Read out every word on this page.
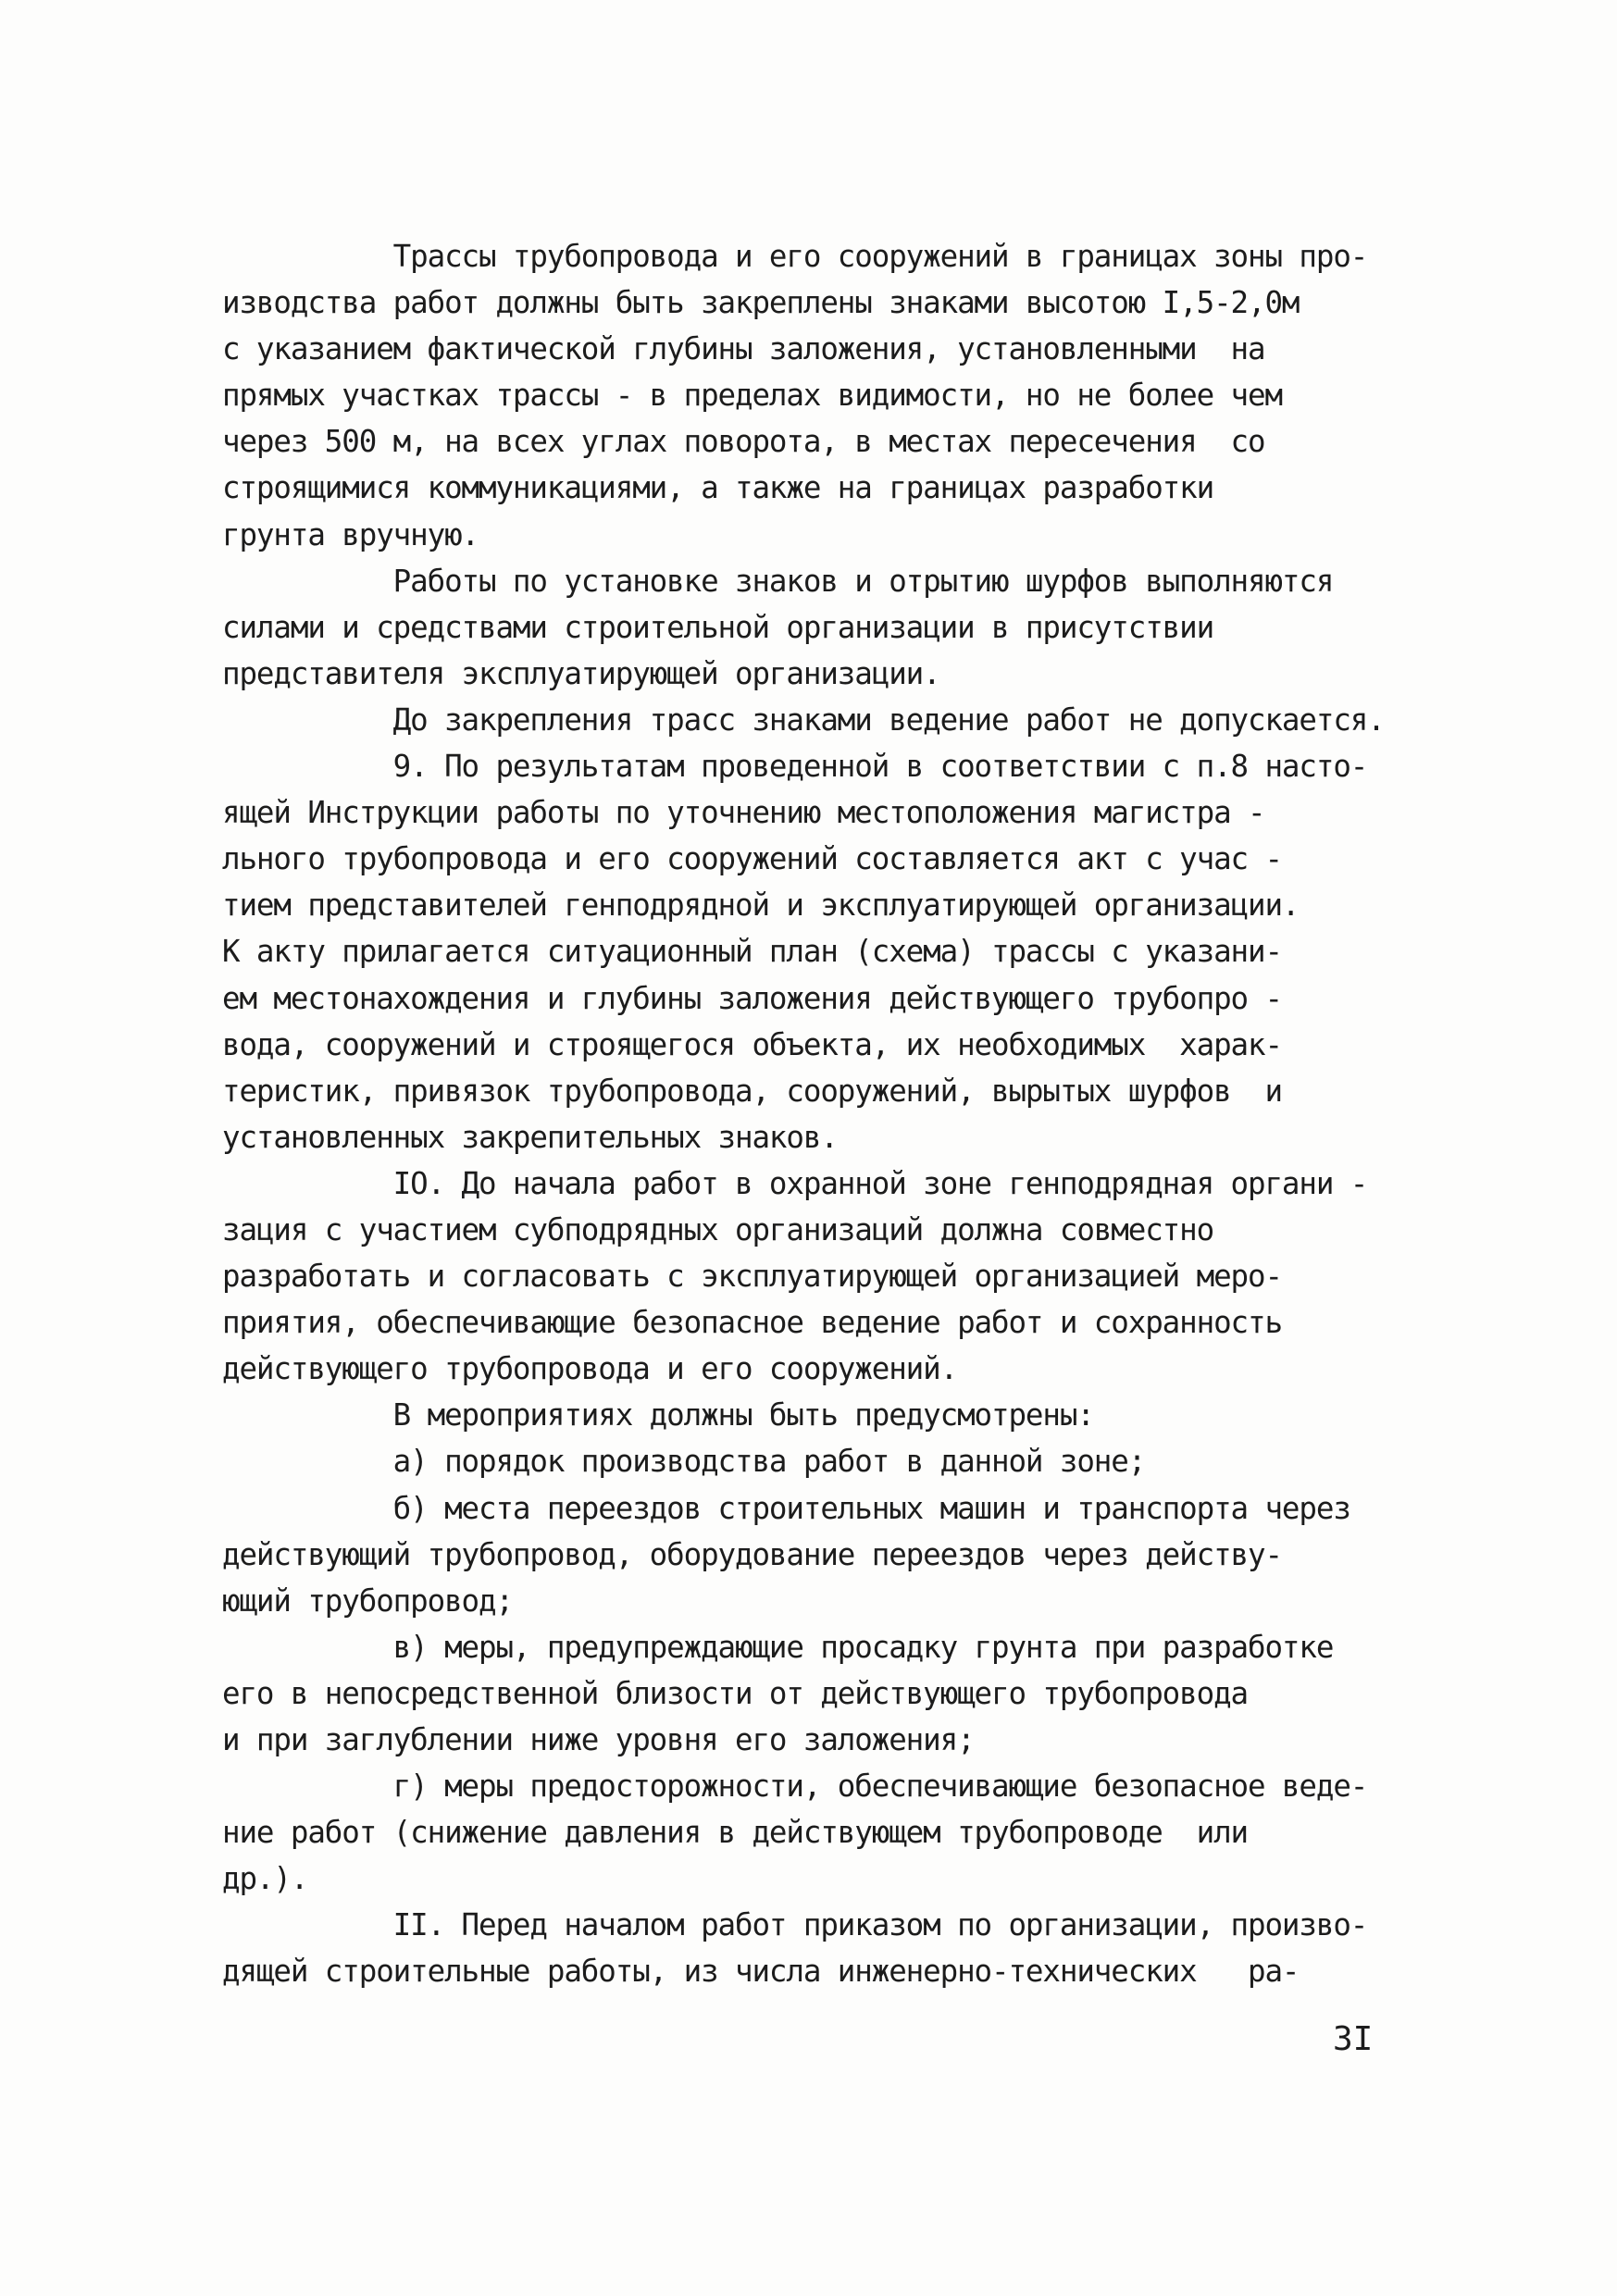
Трассы трубопровода и его сооружений в границах зоны про-
изводства работ должны быть закреплены знаками высотою I,5-2,0м
с указанием фактической глубины заложения, установленными  на
прямых участках трассы - в пределах видимости, но не более чем
через 500 м, на всех углах поворота, в местах пересечения  со
строящимися коммуникациями, а также на границах разработки
грунта вручную.
Работы по установке знаков и отрытию шурфов выполняются
силами и средствами строительной организации в присутствии
представителя эксплуатирующей организации.
До закрепления трасс знаками ведение работ не допускается.
9. По результатам проведенной в соответствии с п.8 насто-
ящей Инструкции работы по уточнению местоположения магистра -
льного трубопровода и его сооружений составляется акт с учас -
тием представителей генподрядной и эксплуатирующей организации.
К акту прилагается ситуационный план (схема) трассы с указани-
ем местонахождения и глубины заложения действующего трубопро -
вода, сооружений и строящегося объекта, их необходимых  харак-
теристик, привязок трубопровода, сооружений, вырытых шурфов  и
установленных закрепительных знаков.
IO. До начала работ в охранной зоне генподрядная органи -
зация с участием субподрядных организаций должна совместно
разработать и согласовать с эксплуатирующей организацией меро-
приятия, обеспечивающие безопасное ведение работ и сохранность
действующего трубопровода и его сооружений.
В мероприятиях должны быть предусмотрены:
а) порядок производства работ в данной зоне;
б) места переездов строительных машин и транспорта через
действующий трубопровод, оборудование переездов через действу-
ющий трубопровод;
в) меры, предупреждающие просадку грунта при разработке
его в непосредственной близости от действующего трубопровода
и при заглублении ниже уровня его заложения;
г) меры предосторожности, обеспечивающие безопасное веде-
ние работ (снижение давления в действующем трубопроводе  или
др.).
II. Перед началом работ приказом по организации, произво-
дящей строительные работы, из числа инженерно-технических   ра-
3I
